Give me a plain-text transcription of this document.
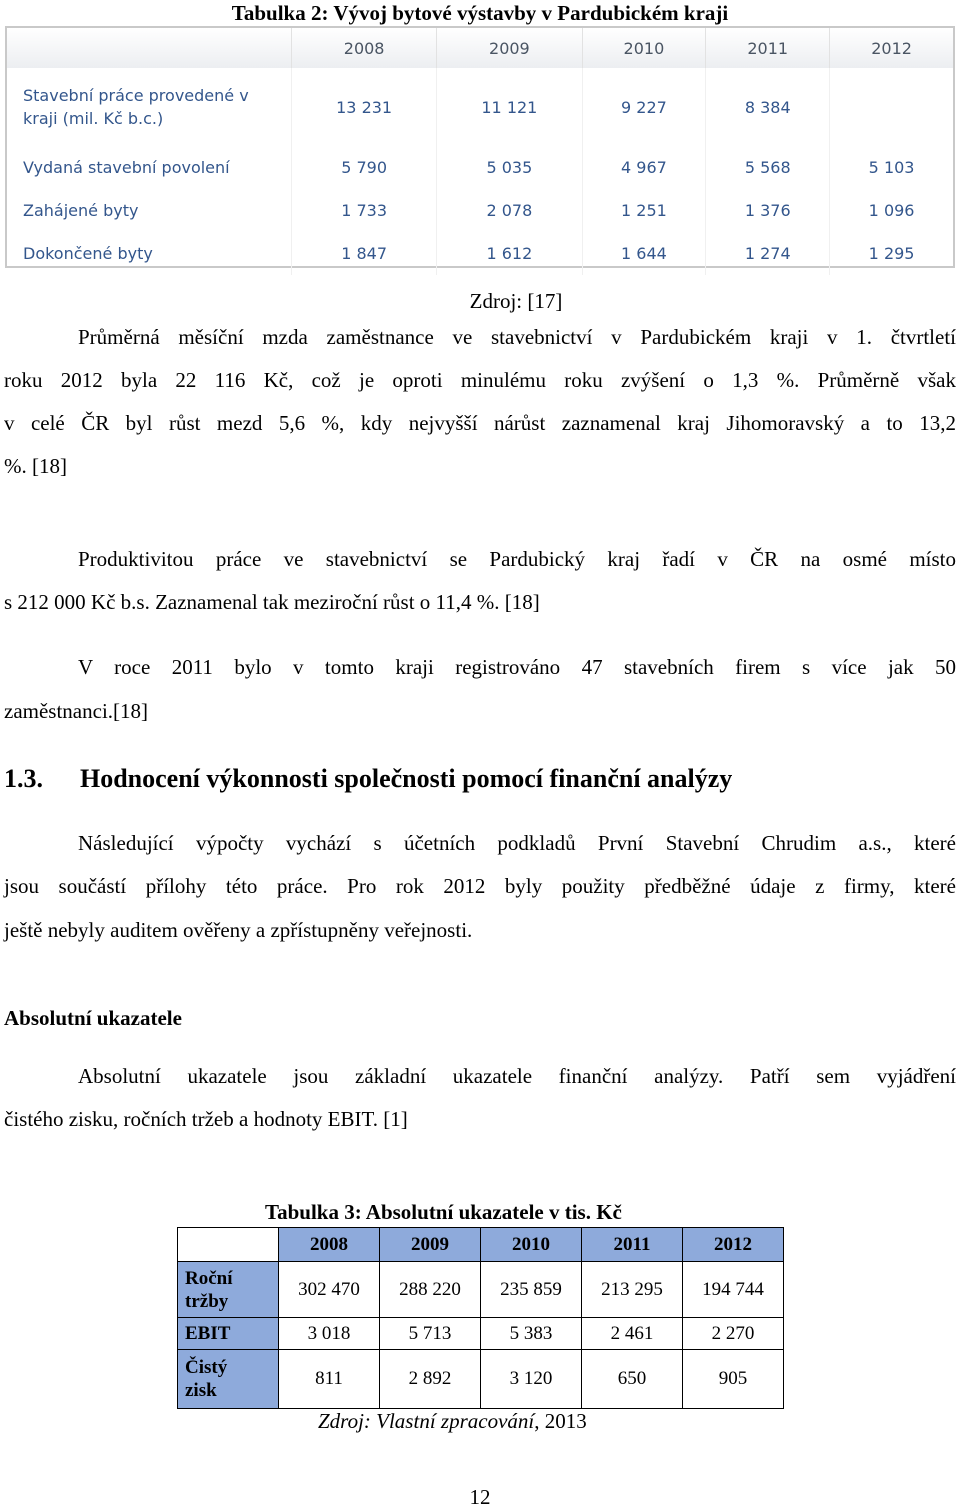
Tabulka 2: Vývoj bytové výstavby v Pardubickém kraji
	2008	2009	2010	2011	2012
Stavební práce provedené v kraji (mil. Kč b.c.)	13 231	11 121	9 227	8 384	
Vydaná stavební povolení	5 790	5 035	4 967	5 568	5 103
Zahájené byty	1 733	2 078	1 251	1 376	1 096
Dokončené byty	1 847	1 612	1 644	1 274	1 295
Zdroj: [17]
Průměrná měsíční mzda zaměstnance ve stavebnictví v Pardubickém kraji v 1. čtvrtletí
roku 2012 byla 22 116 Kč, což je oproti minulému roku zvýšení o 1,3 %. Průměrně však
v celé ČR byl růst mezd 5,6 %, kdy nejvyšší nárůst zaznamenal kraj Jihomoravský a to 13,2
%. [18]
Produktivitou práce ve stavebnictví se Pardubický kraj řadí v ČR na osmé místo
s 212 000 Kč b.s. Zaznamenal tak meziroční růst o 11,4 %. [18]
V roce 2011 bylo v tomto kraji registrováno 47 stavebních firem s více jak 50
zaměstnanci.[18]
1.3. Hodnocení výkonnosti společnosti pomocí finanční analýzy
Následující výpočty vychází s účetních podkladů První Stavební Chrudim a.s., které
jsou součástí přílohy této práce. Pro rok 2012 byly použity předběžné údaje z firmy, které
ještě nebyly auditem ověřeny a zpřístupněny veřejnosti.
Absolutní ukazatele
Absolutní ukazatele jsou základní ukazatele finanční analýzy. Patří sem vyjádření
čistého zisku, ročních tržeb a hodnoty EBIT. [1]
Tabulka 3: Absolutní ukazatele v tis. Kč
	2008	2009	2010	2011	2012
Roční tržby	302 470	288 220	235 859	213 295	194 744
EBIT	3 018	5 713	5 383	2 461	2 270
Čistý zisk	811	2 892	3 120	650	905
Zdroj: Vlastní zpracování, 2013
12
